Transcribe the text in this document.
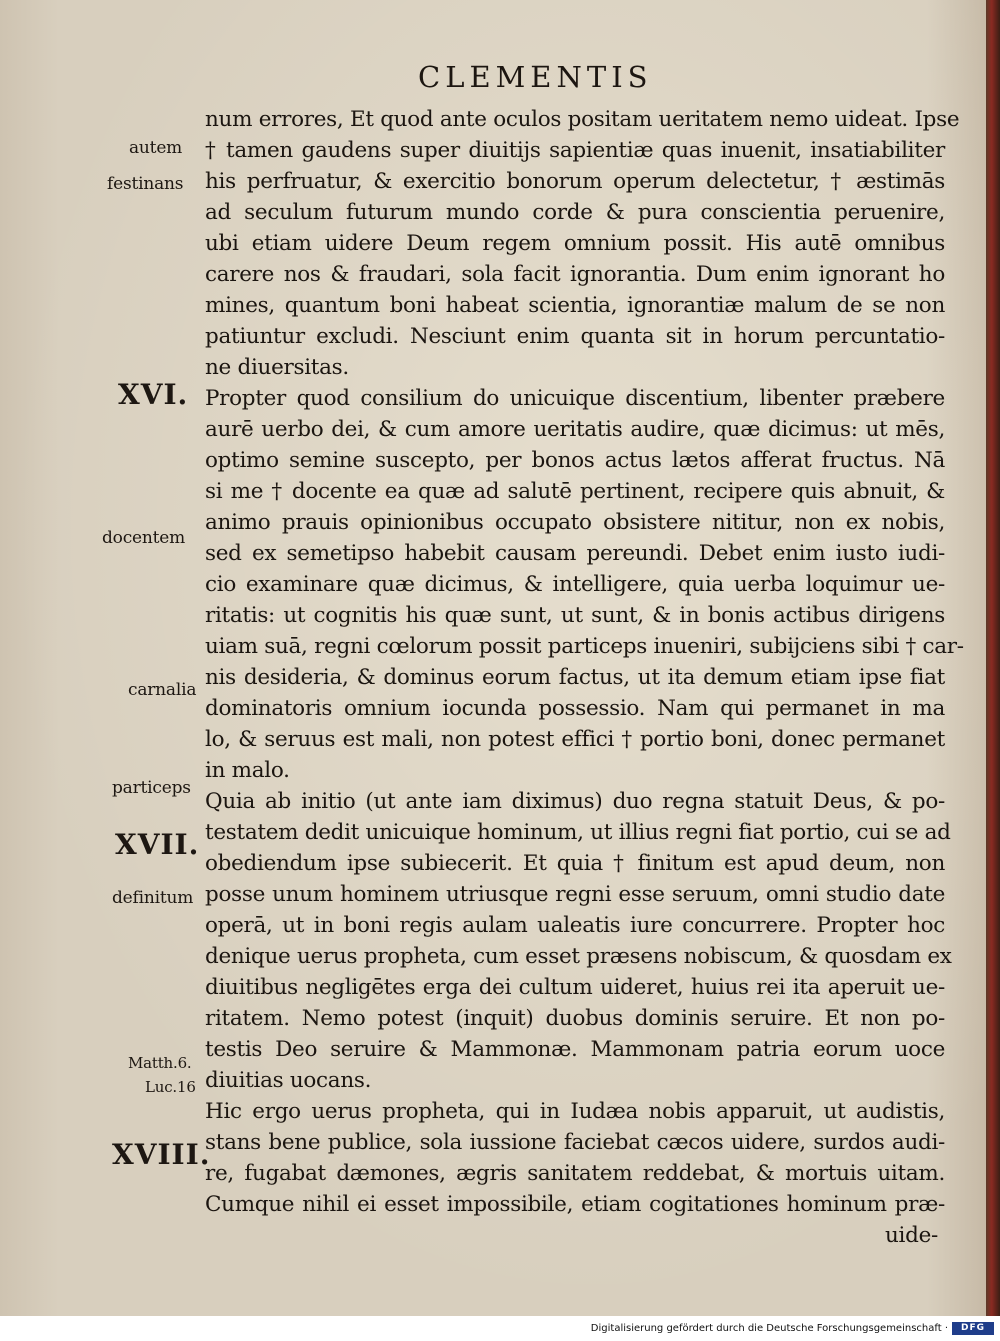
CLEMENTIS
num errores, Et quod ante oculos positam ueritatem nemo uideat. Ipse
† tamen gaudens super diuitijs sapientiæ quas inuenit, insatiabiliter
his perfruatur, & exercitio bonorum operum delectetur, † æstimās
ad seculum futurum mundo corde & pura conscientia peruenire,
ubi etiam uidere Deum regem omnium possit. His autē omnibus
carere nos & fraudari, sola facit ignorantia. Dum enim ignorant ho
mines, quantum boni habeat scientia, ignorantiæ malum de se non
patiuntur excludi. Nesciunt enim quanta sit in horum percuntatio-
ne diuersitas.
Propter quod consilium do unicuique discentium, libenter præbere
aurē uerbo dei, & cum amore ueritatis audire, quæ dicimus: ut mēs,
optimo semine suscepto, per bonos actus lætos afferat fructus. Nā
si me † docente ea quæ ad salutē pertinent, recipere quis abnuit, &
animo prauis opinionibus occupato obsistere nititur, non ex nobis,
sed ex semetipso habebit causam pereundi. Debet enim iusto iudi-
cio examinare quæ dicimus, & intelligere, quia uerba loquimur ue-
ritatis: ut cognitis his quæ sunt, ut sunt, & in bonis actibus dirigens
uiam suā, regni cœlorum possit particeps inueniri, subijciens sibi † car-
nis desideria, & dominus eorum factus, ut ita demum etiam ipse fiat
dominatoris omnium iocunda possessio. Nam qui permanet in ma
lo, & seruus est mali, non potest effici † portio boni, donec permanet
in malo.
Quia ab initio (ut ante iam diximus) duo regna statuit Deus, & po-
testatem dedit unicuique hominum, ut illius regni fiat portio, cui se ad
obediendum ipse subiecerit. Et quia † finitum est apud deum, non
posse unum hominem utriusque regni esse seruum, omni studio date
operā, ut in boni regis aulam ualeatis iure concurrere. Propter hoc
denique uerus propheta, cum esset præsens nobiscum, & quosdam ex
diuitibus negligētes erga dei cultum uideret, huius rei ita aperuit ue-
ritatem. Nemo potest (inquit) duobus dominis seruire. Et non po-
testis Deo seruire & Mammonæ. Mammonam patria eorum uoce
diuitias uocans.
Hic ergo uerus propheta, qui in Iudæa nobis apparuit, ut audistis,
stans bene publice, sola iussione faciebat cæcos uidere, surdos audi-
re, fugabat dæmones, ægris sanitatem reddebat, & mortuis uitam.
Cumque nihil ei esset impossibile, etiam cogitationes hominum præ-
uide-
autem
festinans
XVI.
docentem
carnalia
particeps
XVII.
definitum
Matth.6.
Luc.16
XVIII.
Digitalisierung gefördert durch die Deutsche Forschungsgemeinschaft ·	DFG
